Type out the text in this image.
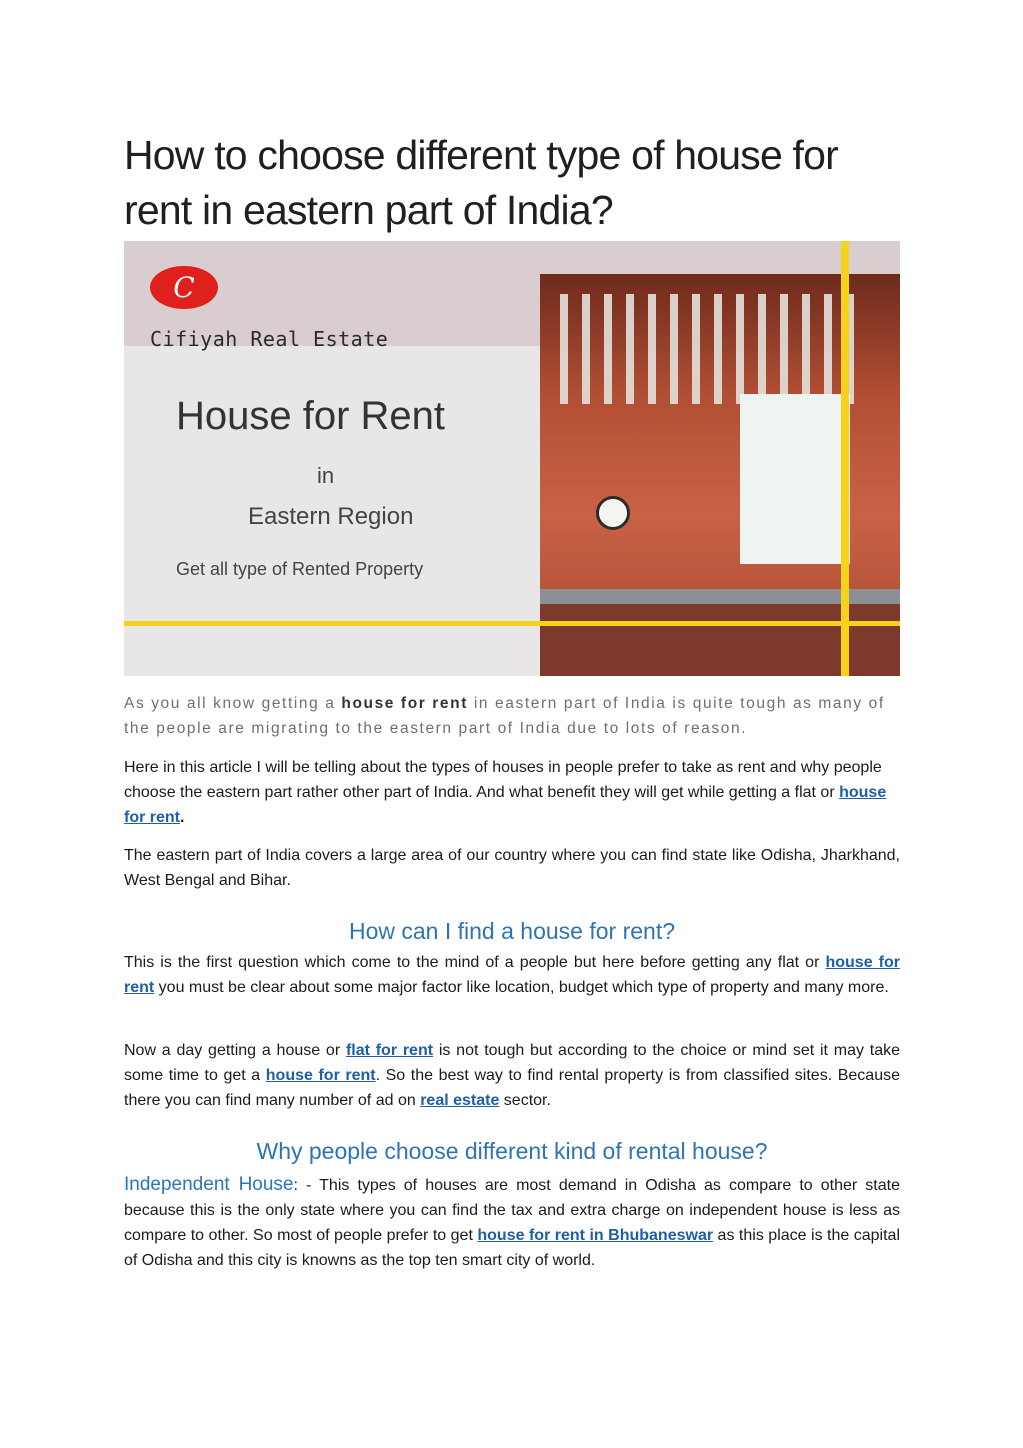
How to choose different type of house for rent in eastern part of India?
C
Cifiyah Real Estate
House for Rent
in
Eastern Region
Get all type of Rented Property

As you all know getting a house for rent in eastern part of India is quite tough as many of the people are migrating to the eastern part of India due to lots of reason.

Here in this article I will be telling about the types of houses in people prefer to take as rent and why people choose the eastern part rather other part of India. And what benefit they will get while getting a flat or house for rent.

The eastern part of India covers a large area of our country where you can find state like Odisha, Jharkhand, West Bengal and Bihar.

How can I find a house for rent?

This is the first question which come to the mind of a people but here before getting any flat or house for rent you must be clear about some major factor like location, budget which type of property and many more.

Now a day getting a house or flat for rent is not tough but according to the choice or mind set it may take some time to get a house for rent. So the best way to find rental property is from classified sites. Because there you can find many number of ad on real estate sector.

Why people choose different kind of rental house?

Independent House: - This types of houses are most demand in Odisha as compare to other state because this is the only state where you can find the tax and extra charge on independent house is less as compare to other. So most of people prefer to get house for rent in Bhubaneswar as this place is the capital of Odisha and this city is knowns as the top ten smart city of world.
